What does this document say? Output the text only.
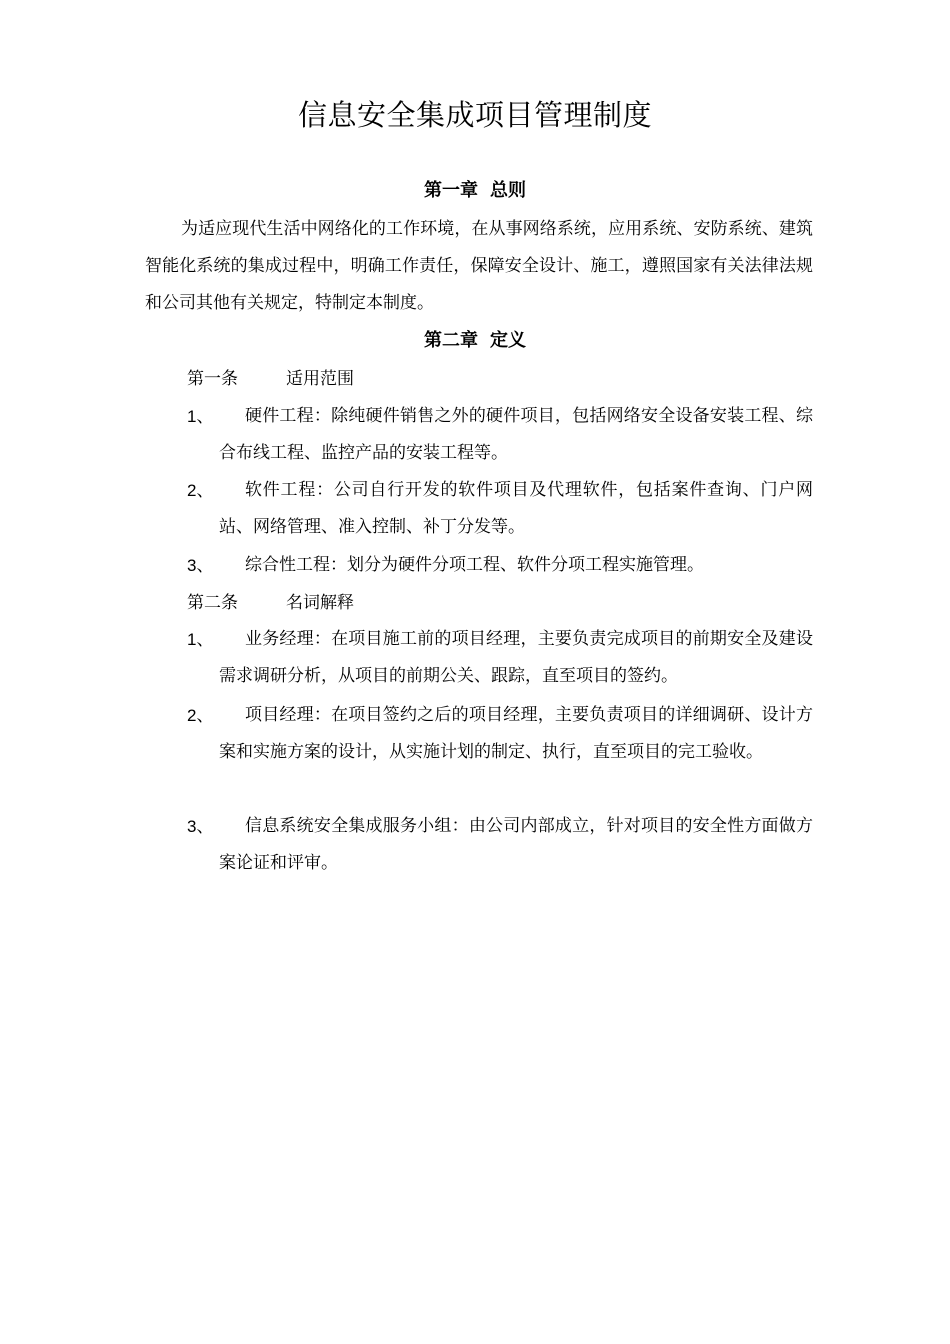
信息安全集成项目管理制度
第一章 总则
为适应现代生活中网络化的工作环境，在从事网络系统，应用系统、安防系统、建筑智能化系统的集成过程中，明确工作责任，保障安全设计、施工，遵照国家有关法律法规和公司其他有关规定，特制定本制度。
第二章 定义
第一条	适用范围
1、	硬件工程：除纯硬件销售之外的硬件项目，包括网络安全设备安装工程、综合布线工程、监控产品的安装工程等。
2、	软件工程：公司自行开发的软件项目及代理软件，包括案件查询、门户网站、网络管理、准入控制、补丁分发等。
3、	综合性工程：划分为硬件分项工程、软件分项工程实施管理。
第二条	名词解释
1、	业务经理：在项目施工前的项目经理，主要负责完成项目的前期安全及建设需求调研分析，从项目的前期公关、跟踪，直至项目的签约。
2、	项目经理：在项目签约之后的项目经理，主要负责项目的详细调研、设计方案和实施方案的设计，从实施计划的制定、执行，直至项目的完工验收。
3、	信息系统安全集成服务小组：由公司内部成立，针对项目的安全性方面做方案论证和评审。
